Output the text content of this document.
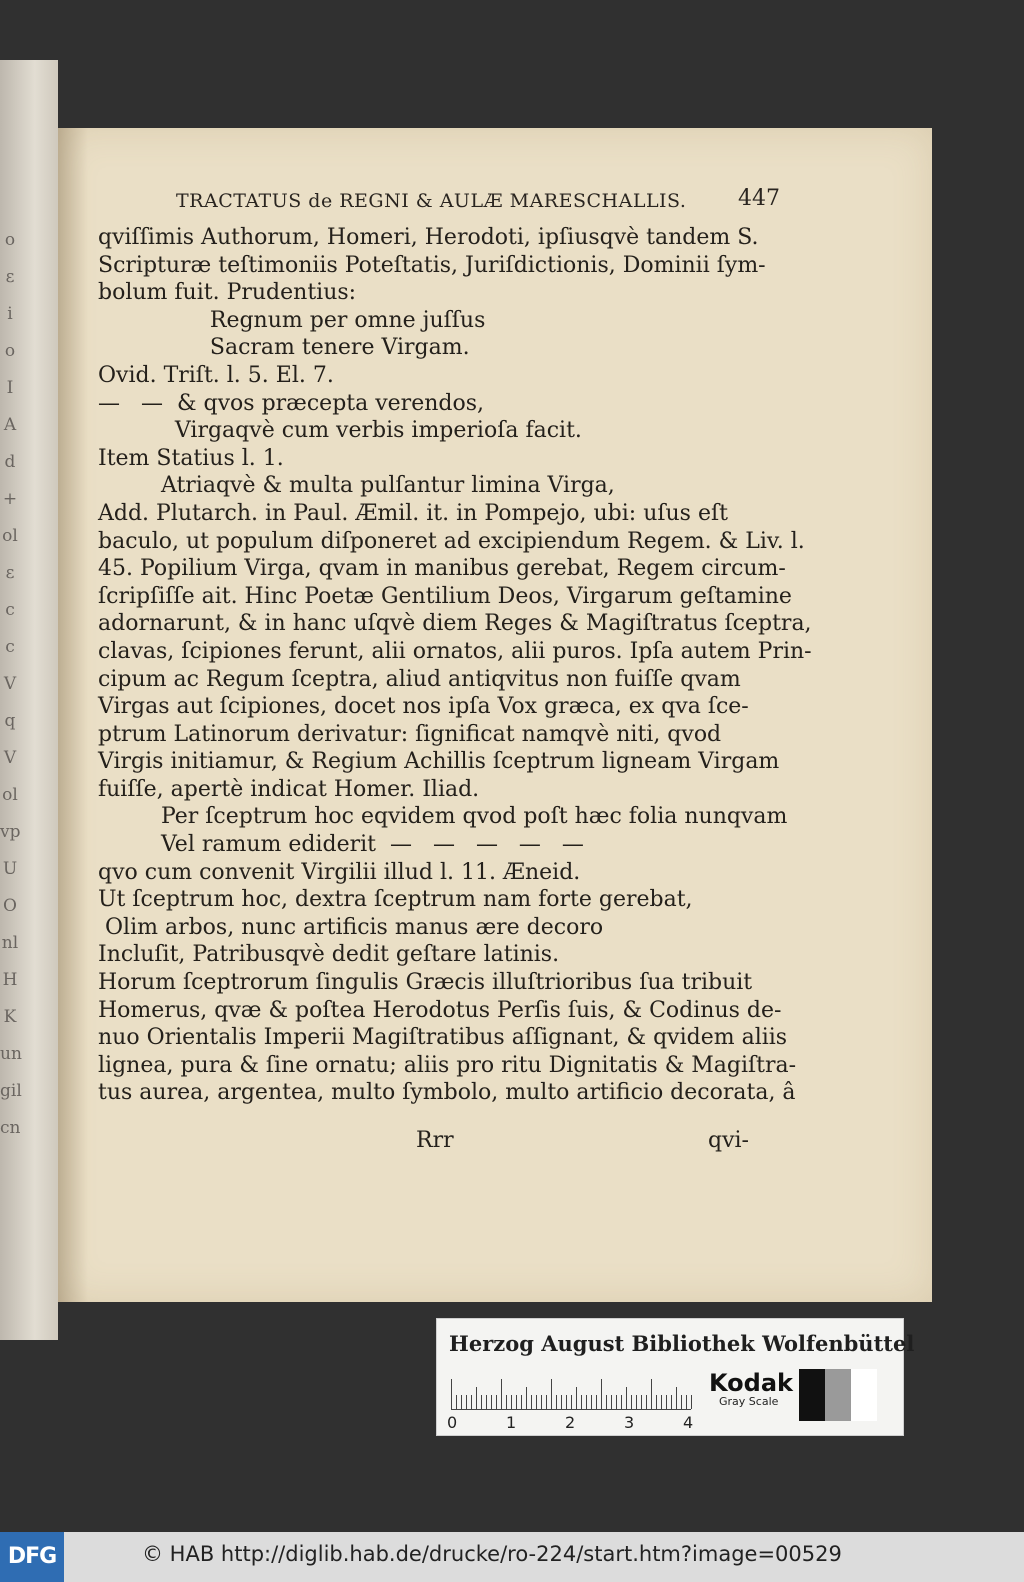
o
ε
i
o
I
A
d
+
ol
ε
c
c
V
q
V
ol
vp
U
O
nl
H
K
un
gil
cn
TRACTATUS de REGNI & AULÆ MARESCHALLIS.	447
qviſſimis Authorum, Homeri, Herodoti, ipſiusqvè tandem S.
Scripturæ teſtimoniis Poteſtatis, Juriſdictionis, Dominii ſym-
bolum fuit. Prudentius:
Regnum per omne juſſus
Sacram tenere Virgam.
Ovid. Triſt. l. 5. El. 7.
—   —  & qvos præcepta verendos,
Virgaqvè cum verbis imperioſa facit.
Item Statius l. 1.
Atriaqvè & multa pulſantur limina Virga,
Add. Plutarch. in Paul. Æmil. it. in Pompejo, ubi: uſus eſt
baculo, ut populum diſponeret ad excipiendum Regem. & Liv. l.
45. Popilium Virga, qvam in manibus gerebat, Regem circum-
ſcripſiſſe ait. Hinc Poetæ Gentilium Deos, Virgarum geſtamine
adornarunt, & in hanc uſqvè diem Reges & Magiſtratus ſceptra,
clavas, ſcipiones ferunt, alii ornatos, alii puros. Ipſa autem Prin-
cipum ac Regum ſceptra, aliud antiqvitus non fuiſſe qvam
Virgas aut ſcipiones, docet nos ipſa Vox græca, ex qva ſce-
ptrum Latinorum derivatur: ſignificat namqvè niti, qvod
Virgis initiamur, & Regium Achillis ſceptrum ligneam Virgam
fuiſſe, apertè indicat Homer. Iliad.
Per ſceptrum hoc eqvidem qvod poſt hæc folia nunqvam
Vel ramum ediderit  —   —   —   —   —
qvo cum convenit Virgilii illud l. 11. Æneid.
Ut ſceptrum hoc, dextra ſceptrum nam forte gerebat,
Olim arbos, nunc artificis manus ære decoro
Incluſit, Patribusqvè dedit geſtare latinis.
Horum ſceptrorum ſingulis Græcis illuſtrioribus ſua tribuit
Homerus, qvæ & poſtea Herodotus Perſis ſuis, & Codinus de-
nuo Orientalis Imperii Magiſtratibus aſſignant, & qvidem aliis
lignea, pura & ſine ornatu; aliis pro ritu Dignitatis & Magiſtra-
tus aurea, argentea, multo ſymbolo, multo artificio decorata, â
Rrr	qvi-
Herzog August Bibliothek Wolfenbüttel
0	1	2	3	4
Kodak
Gray Scale
DFG	© HAB http://diglib.hab.de/drucke/ro-224/start.htm?image=00529
